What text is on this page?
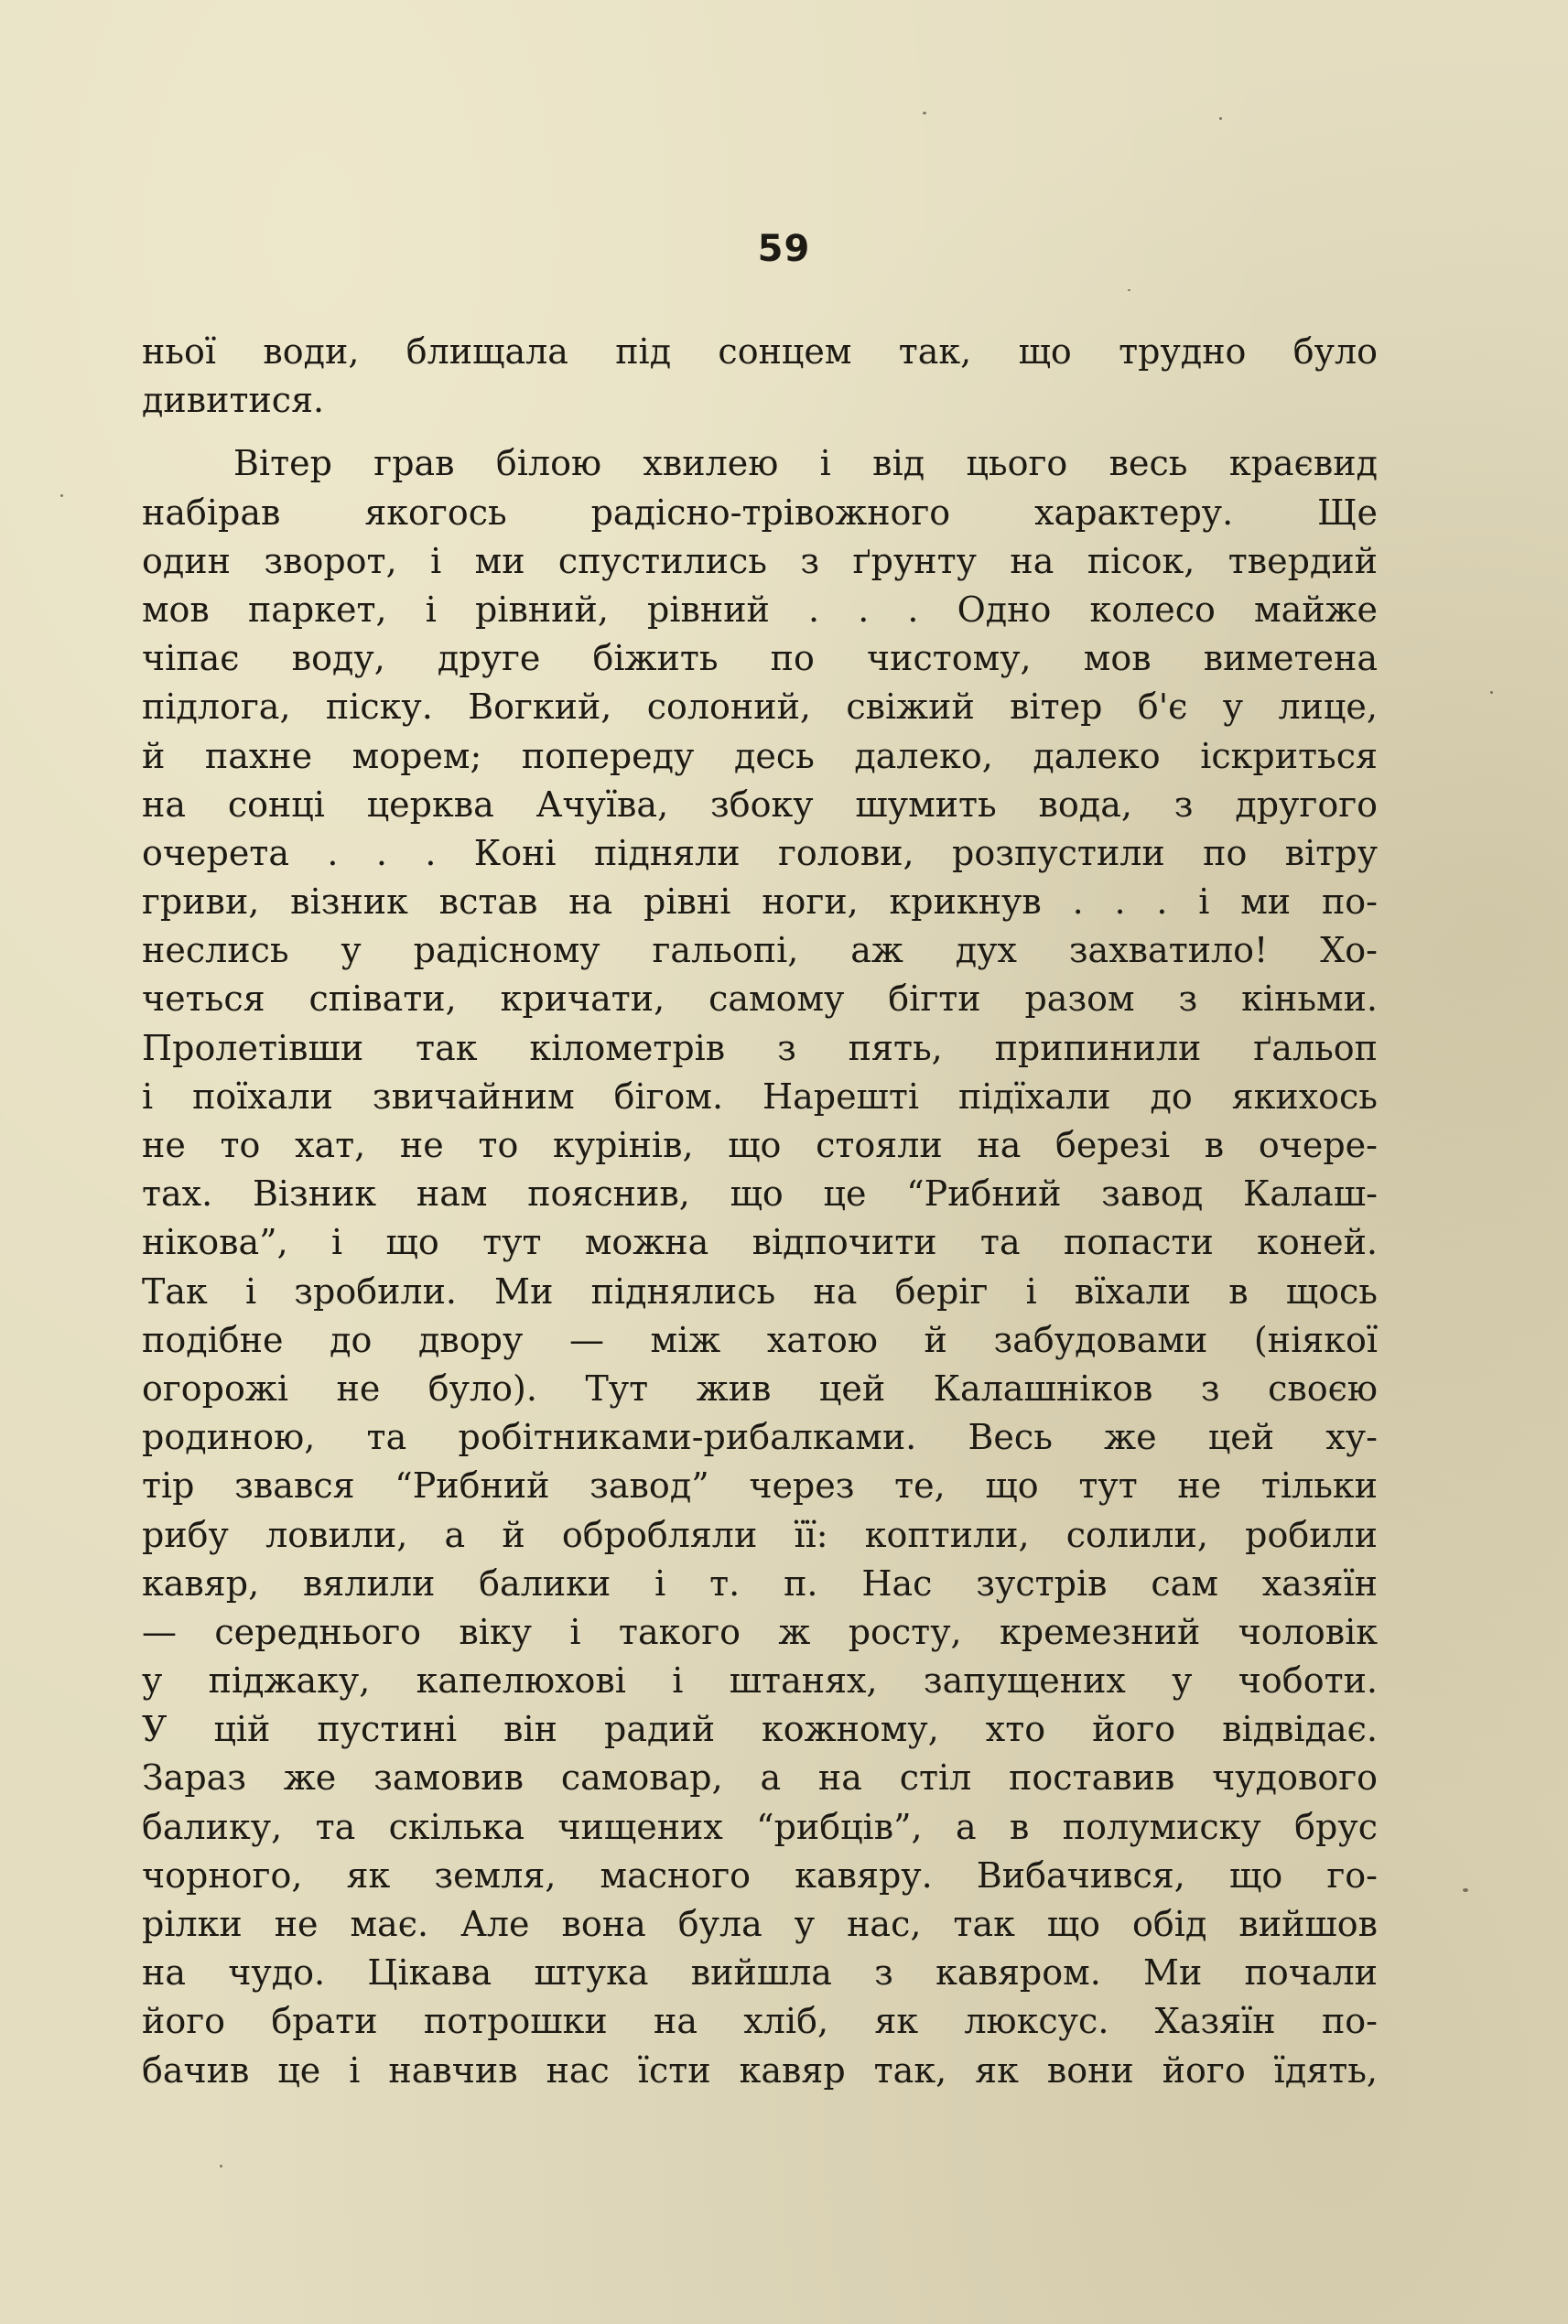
59
ньої води, блищала під сонцем так, що трудно було
дивитися.
Вітер грав білою хвилею і від цього весь краєвид
набірав якогось радісно-трівожного характеру. Ще
один зворот, і ми спустились з ґрунту на пісок, твердий
мов паркет, і рівний, рівний . . . Одно колесо майже
чіпає воду, друге біжить по чистому, мов виметена
підлога, піску. Вогкий, солоний, свіжий вітер б'є у лице,
й пахне морем; попереду десь далеко, далеко іскриться
на сонці церква Ачуїва, збоку шумить вода, з другого
очерета . . . Коні підняли голови, розпустили по вітру
гриви, візник встав на рівні ноги, крикнув . . . і ми по-
неслись у радісному гальопі, аж дух захватило! Хо-
четься співати, кричати, самому бігти разом з кіньми.
Пролетівши так кілометрів з пять, припинили ґальоп
і поїхали звичайним бігом. Нарешті підїхали до якихось
не то хат, не то курінів, що стояли на березі в очере-
тах. Візник нам пояснив, що це “Рибний завод Калаш-
нікова”, і що тут можна відпочити та попасти коней.
Так і зробили. Ми піднялись на беріг і вїхали в щось
подібне до двору — між хатою й забудовами (ніякої
огорожі не було). Тут жив цей Калашніков з своєю
родиною, та робітниками-рибалками. Весь же цей ху-
тір звався “Рибний завод” через те, що тут не тільки
рибу ловили, а й обробляли її: коптили, солили, робили
кавяр, вялили балики і т. п. Нас зустрів сам хазяїн
— середнього віку і такого ж росту, кремезний чоловік
у піджаку, капелюхові і штанях, запущених у чоботи.
У цій пустині він радий кожному, хто його відвідає.
Зараз же замовив самовар, а на стіл поставив чудового
балику, та скілька чищених “рибців”, а в полумиску брус
чорного, як земля, масного кавяру. Вибачився, що го-
рілки не має. Але вона була у нас, так що обід вийшов
на чудо. Цікава штука вийшла з кавяром. Ми почали
його брати потрошки на хліб, як люксус. Хазяїн по-
бачив це і навчив нас їсти кавяр так, як вони його їдять,
